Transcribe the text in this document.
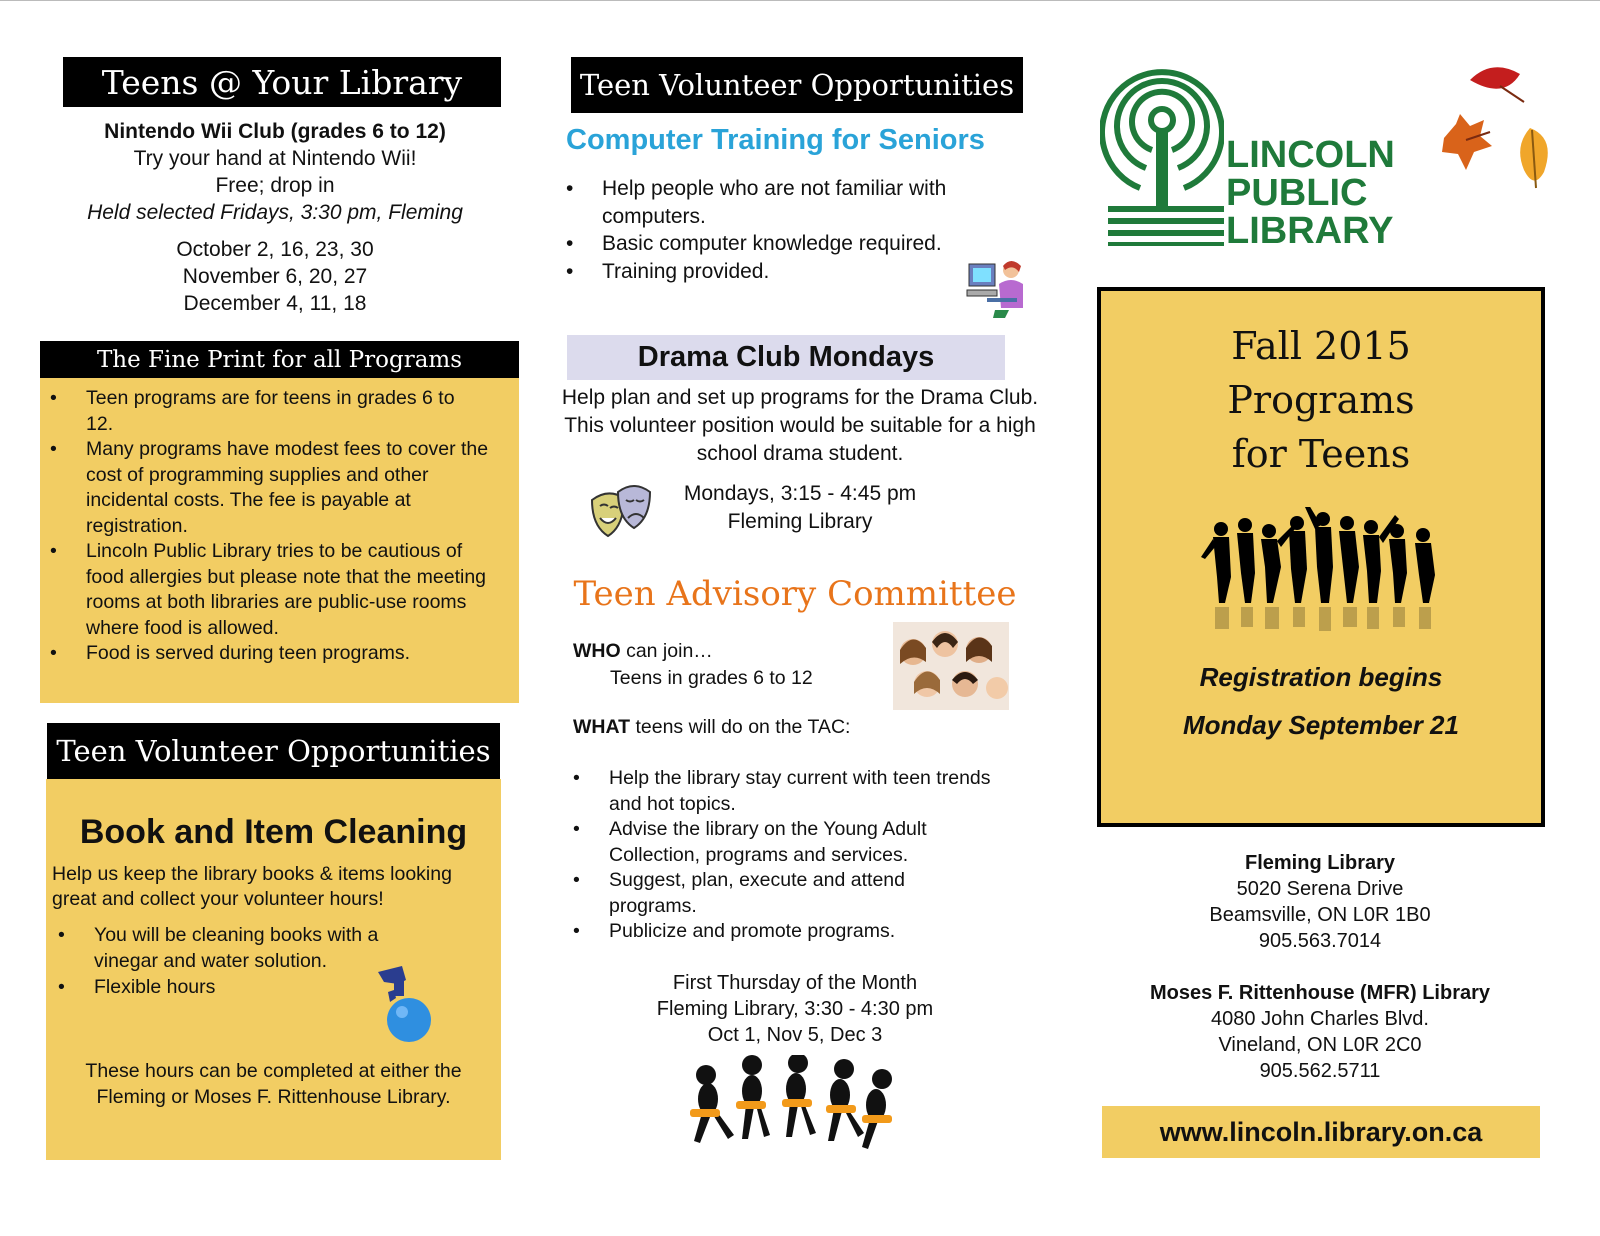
Teens @ Your Library
Nintendo Wii Club (grades 6 to 12)
Try your hand at Nintendo Wii!
Free; drop in
Held selected Fridays, 3:30 pm, Fleming
October 2, 16, 23, 30
November 6, 20, 27
December 4, 11, 18
The Fine Print for all Programs
• Teen programs are for teens in grades 6 to 12.
• Many programs have modest fees to cover the cost of programming supplies and other incidental costs. The fee is payable at registration.
• Lincoln Public Library tries to be cautious of food allergies but please note that the meeting rooms at both libraries are public-use rooms where food is allowed.
• Food is served during teen programs.
Teen Volunteer Opportunities
Book and Item Cleaning
Help us keep the library books & items looking great and collect your volunteer hours!
• You will be cleaning books with a vinegar and water solution.
• Flexible hours
These hours can be completed at either the Fleming or Moses F. Rittenhouse Library.
Teen Volunteer Opportunities
Computer Training for Seniors
• Help people who are not familiar with computers.
• Basic computer knowledge required.
• Training provided.
Drama Club Mondays
Help plan and set up programs for the Drama Club. This volunteer position would be suitable for a high school drama student.
Mondays, 3:15 - 4:45 pm
Fleming Library
Teen Advisory Committee
WHO can join…
Teens in grades 6 to 12
WHAT teens will do on the TAC:
• Help the library stay current with teen trends and hot topics.
• Advise the library on the Young Adult Collection, programs and services.
• Suggest, plan, execute and attend programs.
• Publicize and promote programs.
First Thursday of the Month
Fleming Library, 3:30 - 4:30 pm
Oct 1, Nov 5, Dec 3
LINCOLN
PUBLIC
LIBRARY
Fall 2015
Programs
for Teens
Registration begins
Monday September 21
Fleming Library
5020 Serena Drive
Beamsville, ON L0R 1B0
905.563.7014
Moses F. Rittenhouse (MFR) Library
4080 John Charles Blvd.
Vineland, ON L0R 2C0
905.562.5711
www.lincoln.library.on.ca
